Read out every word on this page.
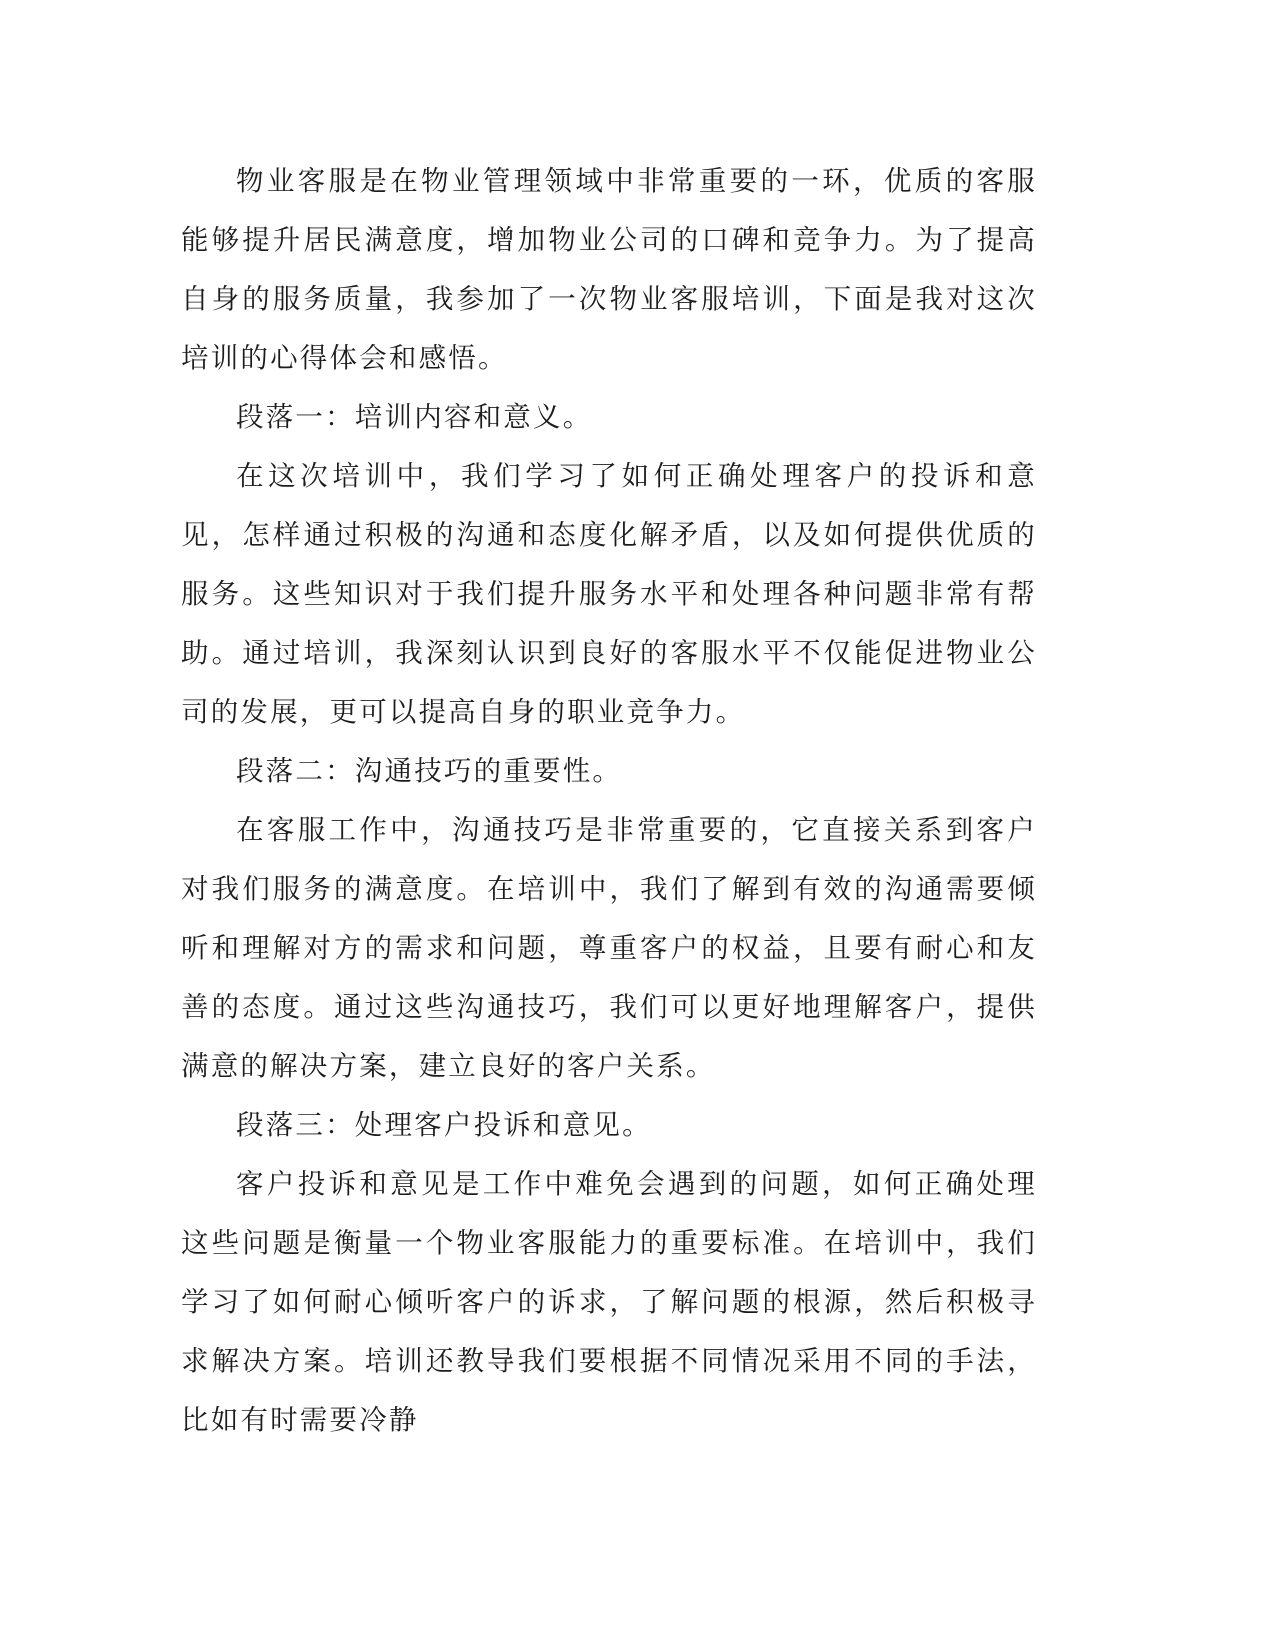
物业客服是在物业管理领域中非常重要的一环，优质的客服能够提升居民满意度，增加物业公司的口碑和竞争力。为了提高自身的服务质量，我参加了一次物业客服培训，下面是我对这次培训的心得体会和感悟。

段落一：培训内容和意义。

在这次培训中，我们学习了如何正确处理客户的投诉和意见，怎样通过积极的沟通和态度化解矛盾，以及如何提供优质的服务。这些知识对于我们提升服务水平和处理各种问题非常有帮助。通过培训，我深刻认识到良好的客服水平不仅能促进物业公司的发展，更可以提高自身的职业竞争力。

段落二：沟通技巧的重要性。

在客服工作中，沟通技巧是非常重要的，它直接关系到客户对我们服务的满意度。在培训中，我们了解到有效的沟通需要倾听和理解对方的需求和问题，尊重客户的权益，且要有耐心和友善的态度。通过这些沟通技巧，我们可以更好地理解客户，提供满意的解决方案，建立良好的客户关系。

段落三：处理客户投诉和意见。

客户投诉和意见是工作中难免会遇到的问题，如何正确处理这些问题是衡量一个物业客服能力的重要标准。在培训中，我们学习了如何耐心倾听客户的诉求，了解问题的根源，然后积极寻求解决方案。培训还教导我们要根据不同情况采用不同的手法，比如有时需要冷静
